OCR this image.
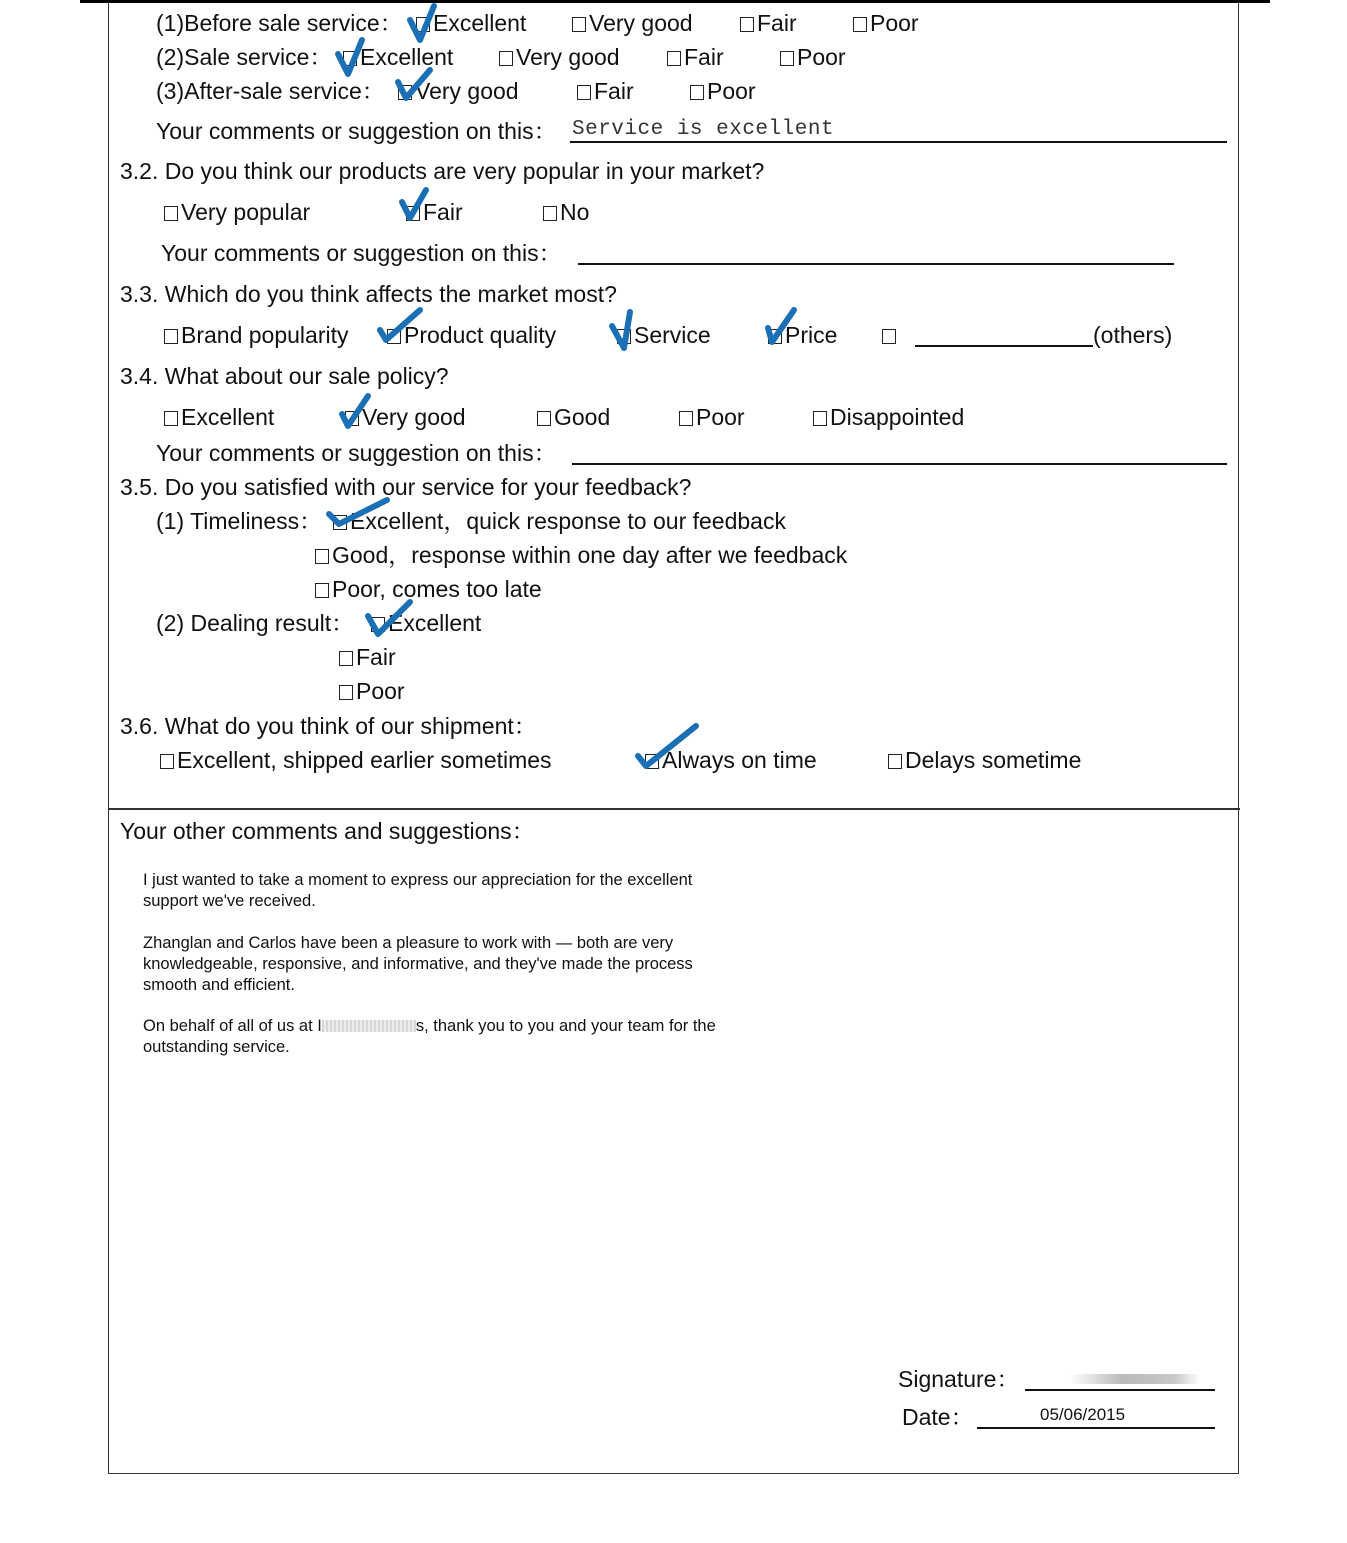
(1)Before sale service：	Excellent	Very good	Fair	Poor
(2)Sale service：	Excellent	Very good	Fair	Poor
(3)After-sale service：	Very good	Fair	Poor
Your comments or suggestion on this： Service is excellent
3.2. Do you think our products are very popular in your market?
Very popular	Fair	No
Your comments or suggestion on this：
3.3. Which do you think affects the market most?
Brand popularity	Product quality	Service	Price	(others)
3.4. What about our sale policy?
Excellent	Very good	Good	Poor	Disappointed
Your comments or suggestion on this：
3.5. Do you satisfied with our service for your feedback?
(1) Timeliness：	Excellent，quick response to our feedback
Good，response within one day after we feedback
Poor, comes too late
(2) Dealing result：	Excellent
Fair
Poor
3.6. What do you think of our shipment：
Excellent, shipped earlier sometimes	Always on time	Delays sometime
Your other comments and suggestions：
I just wanted to take a moment to express our appreciation for the excellent support we've received.
Zhanglan and Carlos have been a pleasure to work with — both are very knowledgeable, responsive, and informative, and they've made the process smooth and efficient.
On behalf of all of us at I	s, thank you to you and your team for the outstanding service.
Signature：
Date：	05/06/2015
